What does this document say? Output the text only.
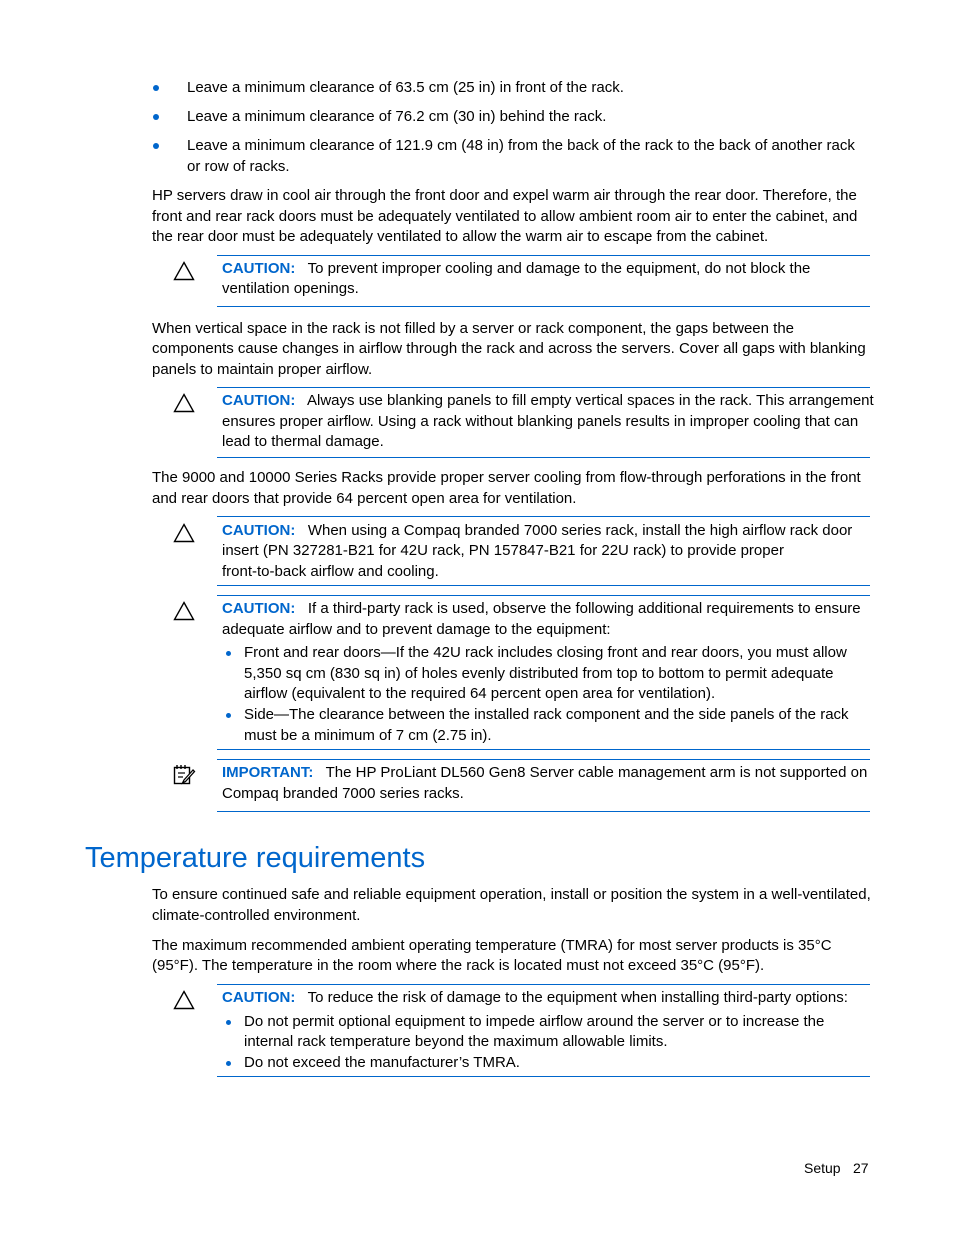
Leave a minimum clearance of 63.5 cm (25 in) in front of the rack.
Leave a minimum clearance of 76.2 cm (30 in) behind the rack.
Leave a minimum clearance of 121.9 cm (48 in) from the back of the rack to the back of another rack
or row of racks.
HP servers draw in cool air through the front door and expel warm air through the rear door. Therefore, the
front and rear rack doors must be adequately ventilated to allow ambient room air to enter the cabinet, and
the rear door must be adequately ventilated to allow the warm air to escape from the cabinet.
CAUTION: To prevent improper cooling and damage to the equipment, do not block the
ventilation openings.
When vertical space in the rack is not filled by a server or rack component, the gaps between the
components cause changes in airflow through the rack and across the servers. Cover all gaps with blanking
panels to maintain proper airflow.
CAUTION: Always use blanking panels to fill empty vertical spaces in the rack. This arrangement
ensures proper airflow. Using a rack without blanking panels results in improper cooling that can
lead to thermal damage.
The 9000 and 10000 Series Racks provide proper server cooling from flow-through perforations in the front
and rear doors that provide 64 percent open area for ventilation.
CAUTION: When using a Compaq branded 7000 series rack, install the high airflow rack door
insert (PN 327281-B21 for 42U rack, PN 157847-B21 for 22U rack) to provide proper
front-to-back airflow and cooling.
CAUTION: If a third-party rack is used, observe the following additional requirements to ensure
adequate airflow and to prevent damage to the equipment:
Front and rear doors—If the 42U rack includes closing front and rear doors, you must allow
5,350 sq cm (830 sq in) of holes evenly distributed from top to bottom to permit adequate
airflow (equivalent to the required 64 percent open area for ventilation).
Side—The clearance between the installed rack component and the side panels of the rack
must be a minimum of 7 cm (2.75 in).
IMPORTANT: The HP ProLiant DL560 Gen8 Server cable management arm is not supported on
Compaq branded 7000 series racks.
Temperature requirements
To ensure continued safe and reliable equipment operation, install or position the system in a well-ventilated,
climate-controlled environment.
The maximum recommended ambient operating temperature (TMRA) for most server products is 35°C
(95°F). The temperature in the room where the rack is located must not exceed 35°C (95°F).
CAUTION: To reduce the risk of damage to the equipment when installing third-party options:
Do not permit optional equipment to impede airflow around the server or to increase the
internal rack temperature beyond the maximum allowable limits.
Do not exceed the manufacturer’s TMRA.
Setup 27
